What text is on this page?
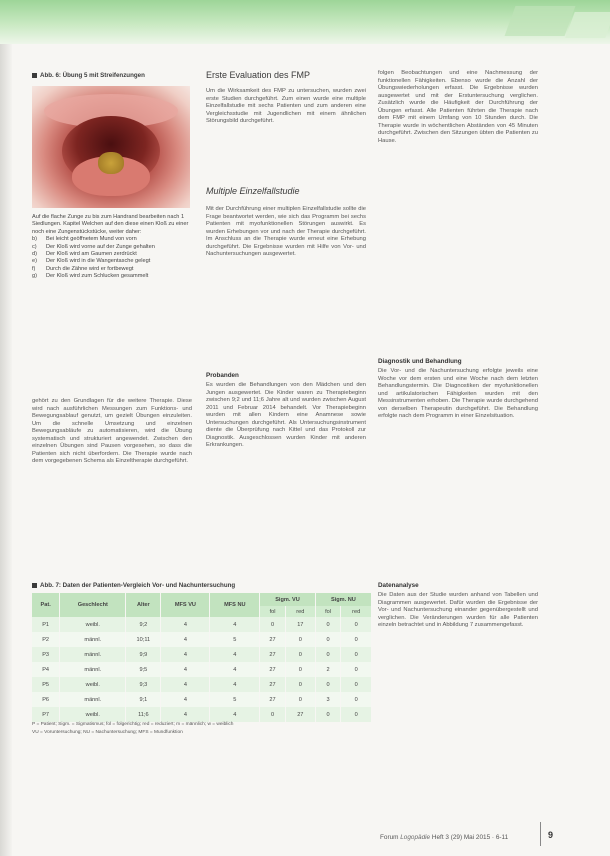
Abb. 6: Übung 5 mit Streifenzungen
Auf die flache Zunge zu bis zum Handrand bearbeiten nach 1 Siedlungen. Kapitel Welchen auf den diese einen Kloß zu einer noch eine Zungenstückstücke, weiter daher:
b)	Bei leicht geöffnetem Mund von vorn
c)	Der Kloß wird vorne auf der Zunge gehalten
d)	Der Kloß wird am Gaumen zerdrückt
e)	Der Kloß wird in die Wangentasche gelegt
f)	Durch die Zähne wird er fortbewegt
g)	Der Kloß wird zum Schlucken gesammelt

gehört zu den Grundlagen für die weitere Therapie. Diese wird nach ausführlichen Messungen zum Funktions- und Bewegungsablauf genutzt, um gezielt Übungen einzuleiten. Um die schnelle Umsetzung und einzelnen Bewegungsabläufe zu automatisieren, wird die Übung systematisch und strukturiert angewendet. Zwischen den einzelnen Übungen sind Pausen vorgesehen, so dass die Patienten sich nicht überfordern. Die Therapie wurde nach dem vorgegebenen Schema als Einzeltherapie durchgeführt.

Erste Evaluation des FMP

Um die Wirksamkeit des FMP zu untersuchen, wurden zwei erste Studien durchgeführt. Zum einen wurde eine multiple Einzelfallstudie mit sechs Patienten und zum anderen eine Vergleichsstudie mit Jugendlichen mit einem ähnlichen Störungsbild durchgeführt.

Multiple Einzelfallstudie

Mit der Durchführung einer multiplen Einzelfallstudie sollte die Frage beantwortet werden, wie sich das Programm bei sechs Patienten mit myofunktionellen Störungen auswirkt. Es wurden Erhebungen vor und nach der Therapie durchgeführt. Im Anschluss an die Therapie wurde erneut eine Erhebung durchgeführt. Die Ergebnisse wurden mit Hilfe von Vor- und Nachuntersuchungen ausgewertet.

Probanden

Es wurden die Behandlungen von den Mädchen und den Jungen ausgewertet. Die Kinder waren zu Therapiebeginn zwischen 9;2 und 11;6 Jahre alt und wurden zwischen August 2011 und Februar 2014 behandelt. Vor Therapiebeginn wurden mit allen Kindern eine Anamnese sowie Untersuchungen durchgeführt. Als Untersuchungsinstrument diente die Überprüfung nach Kittel und das Protokoll zur Diagnostik. Ausgeschlossen wurden Kinder mit anderen Erkrankungen.

folgen Beobachtungen und eine Nachmessung der funktionellen Fähigkeiten. Ebenso wurde die Anzahl der Übungswiederholungen erfasst. Die Ergebnisse wurden ausgewertet und mit der Erstuntersuchung verglichen. Zusätzlich wurde die Häufigkeit der Durchführung der Übungen erfasst. Alle Patienten führten die Therapie nach dem FMP mit einem Umfang von 10 Stunden durch. Die Therapie wurde in wöchentlichen Abständen von 45 Minuten durchgeführt. Zwischen den Sitzungen übten die Patienten zu Hause.

Diagnostik und Behandlung

Die Vor- und die Nachuntersuchung erfolgte jeweils eine Woche vor dem ersten und eine Woche nach dem letzten Behandlungstermin. Die Diagnostiken der myofunktionellen und artikulatorischen Fähigkeiten wurden mit den Messinstrumenten erhoben. Die Therapie wurde durchgehend von derselben Therapeutin durchgeführt. Die Behandlung erfolgte nach dem Programm in einer Einzelsituation.

Abb. 7: Daten der Patienten-Vergleich Vor- und Nachuntersuchung
Pat.	Geschlecht	Alter	MFS VU	MFS NU	Sigm. VU		Sigm. NU	
					fol	red	fol	red
P1	weibl.	9;2	4	4	0	17	0	0
P2	männl.	10;11	4	5	27	0	0	0
P3	männl.	9;9	4	4	27	0	0	0
P4	männl.	9;5	4	4	27	0	2	0
P5	weibl.	9;3	4	4	27	0	0	0
P6	männl.	9;1	4	5	27	0	3	0
P7	weibl.	11;6	4	4	0	27	0	0
Datenanalyse

Die Daten aus der Studie wurden anhand von Tabellen und Diagrammen ausgewertet. Dafür wurden die Ergebnisse der Vor- und Nachuntersuchung einander gegenübergestellt und verglichen. Die Veränderungen wurden für alle Patienten einzeln betrachtet und in Abbildung 7 zusammengefasst.

P = Patient; Sigm. = Sigmatismus; fol = folgerichtig; red = reduziert; m = männlich; w = weiblich
VU = Voruntersuchung; NU = Nachuntersuchung; MFS = Mundfunktion
Forum Logopädie Heft 3 (29) Mai 2015 · 6-11	9
